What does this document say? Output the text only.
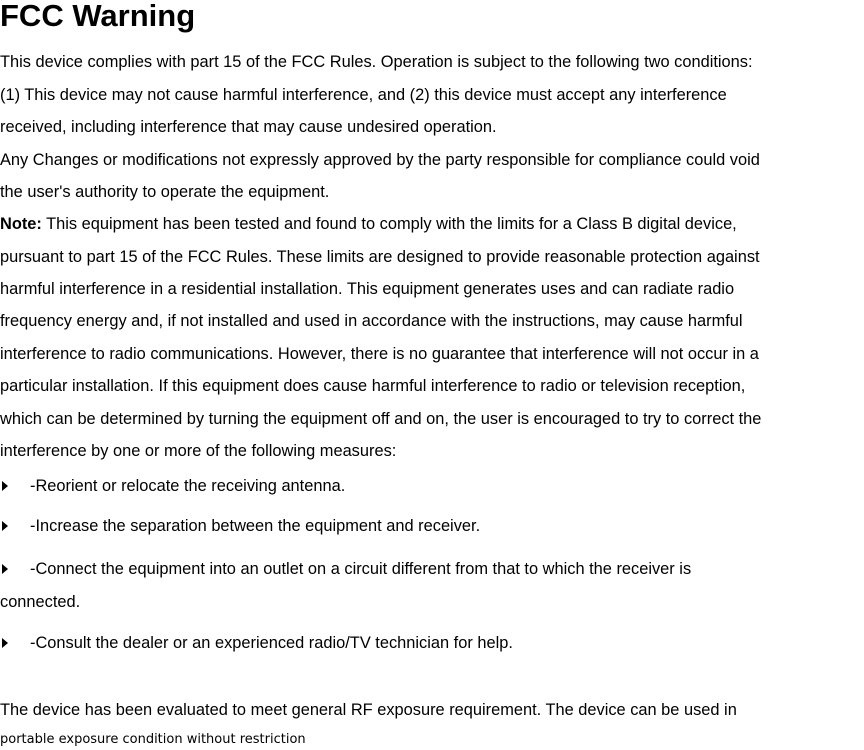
FCC Warning
This device complies with part 15 of the FCC Rules. Operation is subject to the following two conditions:
(1) This device may not cause harmful interference, and (2) this device must accept any interference
received, including interference that may cause undesired operation.
Any Changes or modifications not expressly approved by the party responsible for compliance could void
the user's authority to operate the equipment.
Note: This equipment has been tested and found to comply with the limits for a Class B digital device,
pursuant to part 15 of the FCC Rules. These limits are designed to provide reasonable protection against
harmful interference in a residential installation. This equipment generates uses and can radiate radio
frequency energy and, if not installed and used in accordance with the instructions, may cause harmful
interference to radio communications. However, there is no guarantee that interference will not occur in a
particular installation. If this equipment does cause harmful interference to radio or television reception,
which can be determined by turning the equipment off and on, the user is encouraged to try to correct the
interference by one or more of the following measures:
-Reorient or relocate the receiving antenna.
-Increase the separation between the equipment and receiver.
-Connect the equipment into an outlet on a circuit different from that to which the receiver is
connected.
-Consult the dealer or an experienced radio/TV technician for help.
The device has been evaluated to meet general RF exposure requirement. The device can be used in
portable exposure condition without restriction
